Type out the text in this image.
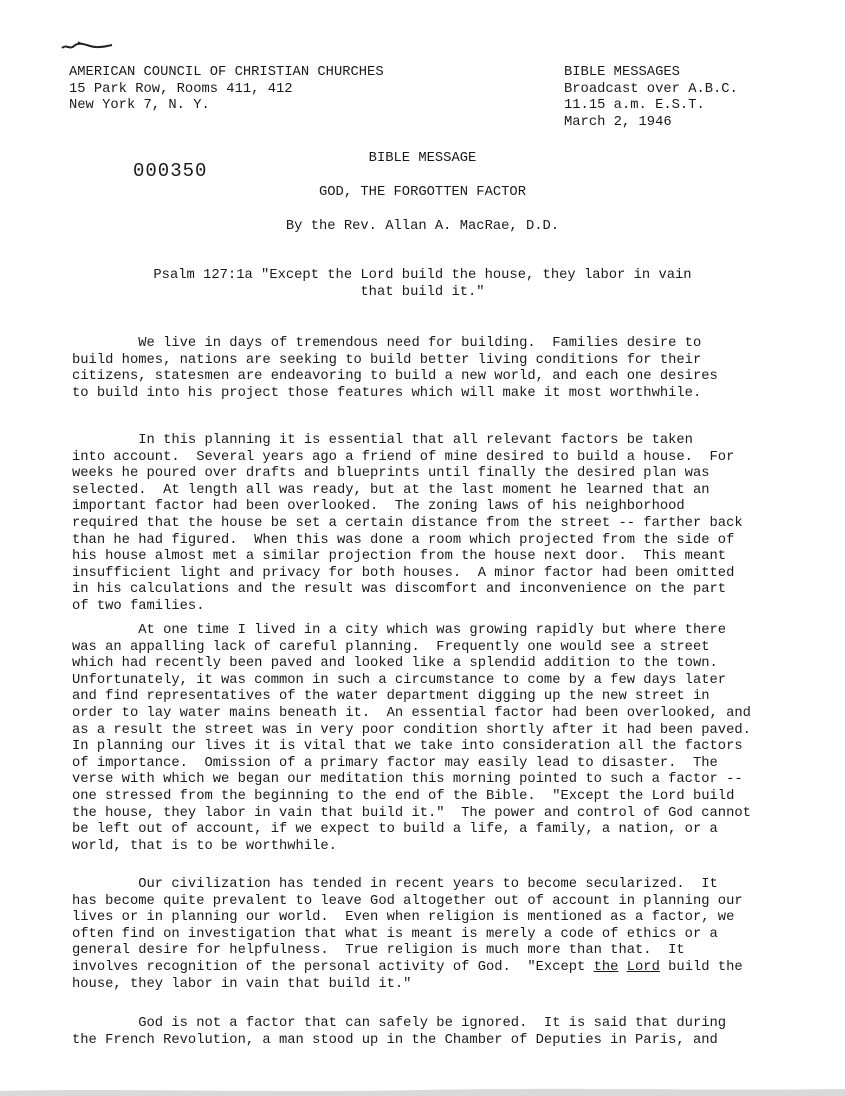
AMERICAN COUNCIL OF CHRISTIAN CHURCHES
15 Park Row, Rooms 411, 412
New York 7, N. Y.
BIBLE MESSAGES
Broadcast over A.B.C.
11.15 a.m. E.S.T.
March 2, 1946
000350
BIBLE MESSAGE
GOD, THE FORGOTTEN FACTOR
By the Rev. Allan A. MacRae, D.D.
Psalm 127:1a "Except the Lord build the house, they labor in vain
that build it."
We live in days of tremendous need for building.  Families desire to
build homes, nations are seeking to build better living conditions for their
citizens, statesmen are endeavoring to build a new world, and each one desires
to build into his project those features which will make it most worthwhile.
In this planning it is essential that all relevant factors be taken
into account.  Several years ago a friend of mine desired to build a house.  For
weeks he poured over drafts and blueprints until finally the desired plan was
selected.  At length all was ready, but at the last moment he learned that an
important factor had been overlooked.  The zoning laws of his neighborhood
required that the house be set a certain distance from the street -- farther back
than he had figured.  When this was done a room which projected from the side of
his house almost met a similar projection from the house next door.  This meant
insufficient light and privacy for both houses.  A minor factor had been omitted
in his calculations and the result was discomfort and inconvenience on the part
of two families.
At one time I lived in a city which was growing rapidly but where there
was an appalling lack of careful planning.  Frequently one would see a street
which had recently been paved and looked like a splendid addition to the town.
Unfortunately, it was common in such a circumstance to come by a few days later
and find representatives of the water department digging up the new street in
order to lay water mains beneath it.  An essential factor had been overlooked, and
as a result the street was in very poor condition shortly after it had been paved.
In planning our lives it is vital that we take into consideration all the factors
of importance.  Omission of a primary factor may easily lead to disaster.  The
verse with which we began our meditation this morning pointed to such a factor --
one stressed from the beginning to the end of the Bible.  "Except the Lord build
the house, they labor in vain that build it."  The power and control of God cannot
be left out of account, if we expect to build a life, a family, a nation, or a
world, that is to be worthwhile.
Our civilization has tended in recent years to become secularized.  It
has become quite prevalent to leave God altogether out of account in planning our
lives or in planning our world.  Even when religion is mentioned as a factor, we
often find on investigation that what is meant is merely a code of ethics or a
general desire for helpfulness.  True religion is much more than that.  It
involves recognition of the personal activity of God.  "Except the Lord build the
house, they labor in vain that build it."
God is not a factor that can safely be ignored.  It is said that during
the French Revolution, a man stood up in the Chamber of Deputies in Paris, and
